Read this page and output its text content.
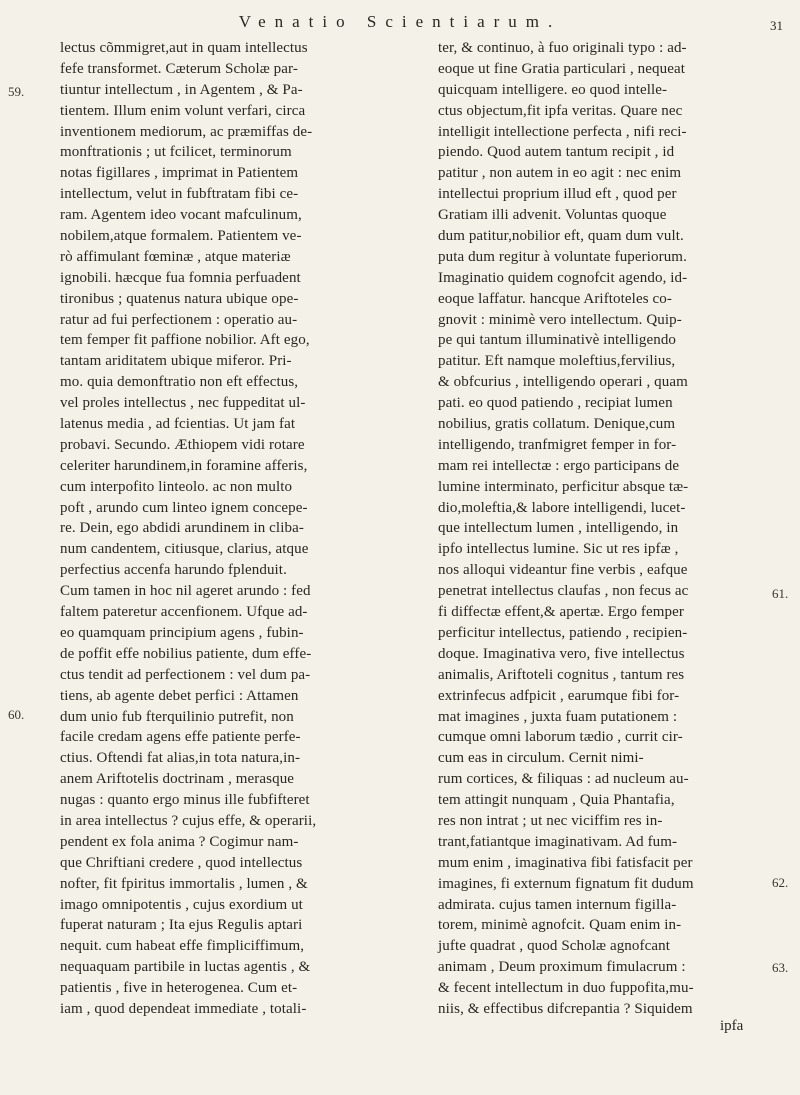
Venatio Scientiarum.	31
59.
60.
61.
62.
63.
lectus cõmmigret,aut in quam intellectus
fefe transformet. Cæterum Scholæ par-
tiuntur intellectum , in Agentem , & Pa-
tientem. Illum enim volunt verfari, circa
inventionem mediorum, ac præmiffas de-
monftrationis ; ut fcilicet, terminorum
notas figillares , imprimat in Patientem
intellectum, velut in fubftratam fibi ce-
ram. Agentem ideo vocant mafculinum,
nobilem,atque formalem. Patientem ve-
rò affimulant fœminæ , atque materiæ
ignobili. hæcque fua fomnia perfuadent
tironibus ; quatenus natura ubique ope-
ratur ad fui perfectionem : operatio au-
tem femper fit paffione nobilior. Aft ego,
tantam ariditatem ubique miferor. Pri-
mo. quia demonftratio non eft effectus,
vel proles intellectus , nec fuppeditat ul-
latenus media , ad fcientias. Ut jam fat
probavi. Secundo. Æthiopem vidi rotare
celeriter harundinem,in foramine afferis,
cum interpofito linteolo. ac non multo
poft , arundo cum linteo ignem concepe-
re. Dein, ego abdidi arundinem in cliba-
num candentem, citiusque, clarius, atque
perfectius accenfa harundo fplenduit.
Cum tamen in hoc nil ageret arundo : fed
faltem pateretur accenfionem. Ufque ad-
eo quamquam principium agens , fubin-
de poffit effe nobilius patiente, dum effe-
ctus tendit ad perfectionem : vel dum pa-
tiens, ab agente debet perfici : Attamen
dum unio fub fterquilinio putrefit, non
facile credam agens effe patiente perfe-
ctius. Oftendi fat alias,in tota natura,in-
anem Ariftotelis doctrinam , merasque
nugas : quanto ergo minus ille fubfifteret
in area intellectus ? cujus effe, & operarii,
pendent ex fola anima ? Cogimur nam-
que Chriftiani credere , quod intellectus
nofter, fit fpiritus immortalis , lumen , &
imago omnipotentis , cujus exordium ut
fuperat naturam ; Ita ejus Regulis aptari
nequit. cum habeat effe fimpliciffimum,
nequaquam partibile in luctas agentis , &
patientis , five in heterogenea. Cum et-
iam , quod dependeat immediate , totali-
ter, & continuo, à fuo originali typo : ad-
eoque ut fine Gratia particulari , nequeat
quicquam intelligere. eo quod intelle-
ctus objectum,fit ipfa veritas. Quare nec
intelligit intellectione perfecta , nifi reci-
piendo. Quod autem tantum recipit , id
patitur , non autem in eo agit : nec enim
intellectui proprium illud eft , quod per
Gratiam illi advenit. Voluntas quoque
dum patitur,nobilior eft, quam dum vult.
puta dum regitur à voluntate fuperiorum.
Imaginatio quidem cognofcit agendo, id-
eoque laffatur. hancque Ariftoteles co-
gnovit : minimè vero intellectum. Quip-
pe qui tantum illuminativè intelligendo
patitur. Eft namque moleftius,fervilius,
& obfcurius , intelligendo operari , quam
pati. eo quod patiendo , recipiat lumen
nobilius, gratis collatum. Denique,cum
intelligendo, tranfmigret femper in for-
mam rei intellectæ : ergo participans de
lumine interminato, perficitur absque tæ-
dio,moleftia,& labore intelligendi, lucet-
que intellectum lumen , intelligendo, in
ipfo intellectus lumine. Sic ut res ipfæ ,
nos alloqui videantur fine verbis , eafque
penetrat intellectus claufas , non fecus ac
fi diffectæ effent,& apertæ. Ergo femper
perficitur intellectus, patiendo , recipien-
doque. Imaginativa vero, five intellectus
animalis, Ariftoteli cognitus , tantum res
extrinfecus adfpicit , earumque fibi for-
mat imagines , juxta fuam putationem :
cumque omni laborum tædio , currit cir-
cum eas in circulum. Cernit nimi-
rum cortices, & filiquas : ad nucleum au-
tem attingit nunquam , Quia Phantafia,
res non intrat ; ut nec viciffim res in-
trant,fatiantque imaginativam. Ad fum-
mum enim , imaginativa fibi fatisfacit per
imagines, fi externum fignatum fit dudum
admirata. cujus tamen internum figilla-
torem, minimè agnofcit. Quam enim in-
jufte quadrat , quod Scholæ agnofcant
animam , Deum proximum fimulacrum :
& fecent intellectum in duo fuppofita,mu-
niis, & effectibus difcrepantia ? Siquidem
ipfa
